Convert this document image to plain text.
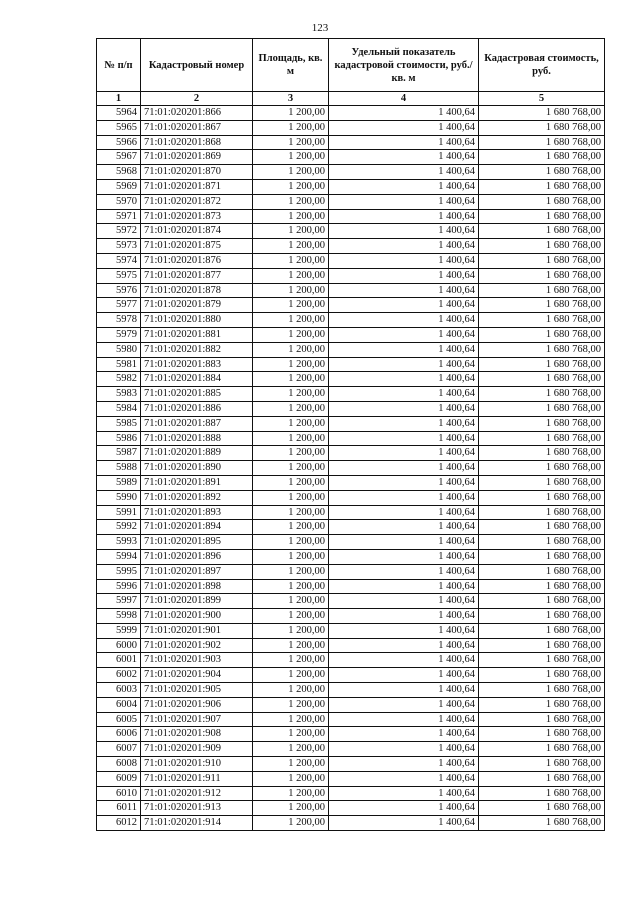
123
№ п/п	Кадастровый номер	Площадь, кв. м	Удельный показатель кадастровой стоимости, руб./кв. м	Кадастровая стоимость, руб.
1	2	3	4	5
5964	71:01:020201:866	1 200,00	1 400,64	1 680 768,00
5965	71:01:020201:867	1 200,00	1 400,64	1 680 768,00
5966	71:01:020201:868	1 200,00	1 400,64	1 680 768,00
5967	71:01:020201:869	1 200,00	1 400,64	1 680 768,00
5968	71:01:020201:870	1 200,00	1 400,64	1 680 768,00
5969	71:01:020201:871	1 200,00	1 400,64	1 680 768,00
5970	71:01:020201:872	1 200,00	1 400,64	1 680 768,00
5971	71:01:020201:873	1 200,00	1 400,64	1 680 768,00
5972	71:01:020201:874	1 200,00	1 400,64	1 680 768,00
5973	71:01:020201:875	1 200,00	1 400,64	1 680 768,00
5974	71:01:020201:876	1 200,00	1 400,64	1 680 768,00
5975	71:01:020201:877	1 200,00	1 400,64	1 680 768,00
5976	71:01:020201:878	1 200,00	1 400,64	1 680 768,00
5977	71:01:020201:879	1 200,00	1 400,64	1 680 768,00
5978	71:01:020201:880	1 200,00	1 400,64	1 680 768,00
5979	71:01:020201:881	1 200,00	1 400,64	1 680 768,00
5980	71:01:020201:882	1 200,00	1 400,64	1 680 768,00
5981	71:01:020201:883	1 200,00	1 400,64	1 680 768,00
5982	71:01:020201:884	1 200,00	1 400,64	1 680 768,00
5983	71:01:020201:885	1 200,00	1 400,64	1 680 768,00
5984	71:01:020201:886	1 200,00	1 400,64	1 680 768,00
5985	71:01:020201:887	1 200,00	1 400,64	1 680 768,00
5986	71:01:020201:888	1 200,00	1 400,64	1 680 768,00
5987	71:01:020201:889	1 200,00	1 400,64	1 680 768,00
5988	71:01:020201:890	1 200,00	1 400,64	1 680 768,00
5989	71:01:020201:891	1 200,00	1 400,64	1 680 768,00
5990	71:01:020201:892	1 200,00	1 400,64	1 680 768,00
5991	71:01:020201:893	1 200,00	1 400,64	1 680 768,00
5992	71:01:020201:894	1 200,00	1 400,64	1 680 768,00
5993	71:01:020201:895	1 200,00	1 400,64	1 680 768,00
5994	71:01:020201:896	1 200,00	1 400,64	1 680 768,00
5995	71:01:020201:897	1 200,00	1 400,64	1 680 768,00
5996	71:01:020201:898	1 200,00	1 400,64	1 680 768,00
5997	71:01:020201:899	1 200,00	1 400,64	1 680 768,00
5998	71:01:020201:900	1 200,00	1 400,64	1 680 768,00
5999	71:01:020201:901	1 200,00	1 400,64	1 680 768,00
6000	71:01:020201:902	1 200,00	1 400,64	1 680 768,00
6001	71:01:020201:903	1 200,00	1 400,64	1 680 768,00
6002	71:01:020201:904	1 200,00	1 400,64	1 680 768,00
6003	71:01:020201:905	1 200,00	1 400,64	1 680 768,00
6004	71:01:020201:906	1 200,00	1 400,64	1 680 768,00
6005	71:01:020201:907	1 200,00	1 400,64	1 680 768,00
6006	71:01:020201:908	1 200,00	1 400,64	1 680 768,00
6007	71:01:020201:909	1 200,00	1 400,64	1 680 768,00
6008	71:01:020201:910	1 200,00	1 400,64	1 680 768,00
6009	71:01:020201:911	1 200,00	1 400,64	1 680 768,00
6010	71:01:020201:912	1 200,00	1 400,64	1 680 768,00
6011	71:01:020201:913	1 200,00	1 400,64	1 680 768,00
6012	71:01:020201:914	1 200,00	1 400,64	1 680 768,00
